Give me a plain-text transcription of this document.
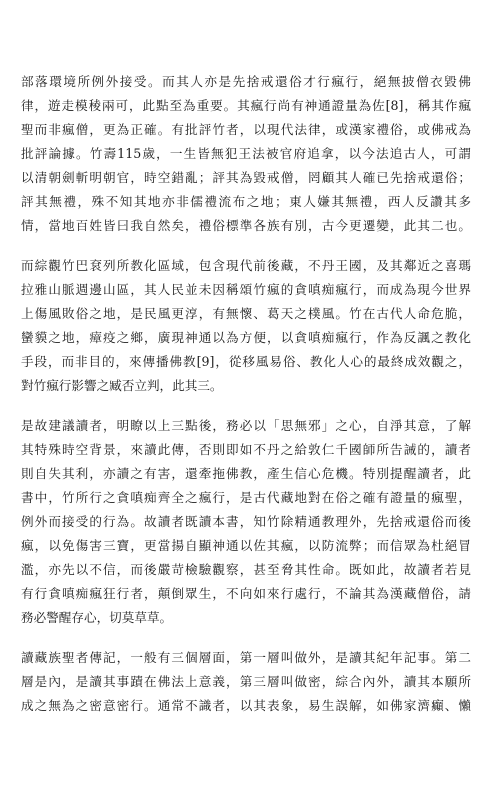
部落環境所例外接受。而其人亦是先捨戒還俗才行瘋行，絕無披僧衣毀佛
律，遊走模稜兩可，此點至為重要。其瘋行尚有神通證量為佐[8]，稱其作瘋
聖而非瘋僧，更為正確。有批評竹者，以現代法律，或漢家禮俗，或佛戒為
批評論據。竹壽115歲，一生皆無犯王法被官府追拿，以今法追古人，可謂
以清朝劍斬明朝官，時空錯亂；評其為毀戒僧，罔顧其人確已先捨戒還俗；
評其無禮，殊不知其地亦非儒禮流布之地；東人嫌其無禮，西人反讚其多
情，當地百姓皆曰我自然矣，禮俗標準各族有別，古今更遷變，此其二也。
而綜觀竹巴袞列所教化區域，包含現代前後藏，不丹王國，及其鄰近之喜瑪
拉雅山脈週邊山區，其人民並未因稱頌竹瘋的貪嗔痴瘋行，而成為現今世界
上傷風敗俗之地，是民風更淳，有無懷、葛天之樸風。竹在古代人命危脆，
蠻貘之地，瘴疫之鄉，廣現神通以為方便，以貪嗔痴瘋行，作為反諷之教化
手段，而非目的，來傳播佛教[9]，從移風易俗、教化人心的最終成效觀之，
對竹瘋行影響之臧否立判，此其三。
是故建議讀者，明瞭以上三點後，務必以「思無邪」之心，自淨其意，了解
其特殊時空背景，來讀此傳，否則即如不丹之給敦仁千國師所告誡的，讀者
則自失其利，亦讀之有害，還牽拖佛教，產生信心危機。特別提醒讀者，此
書中，竹所行之貪嗔痴齊全之瘋行，是古代藏地對在俗之確有證量的瘋聖，
例外而接受的行為。故讀者既讀本書，知竹除精通教理外，先捨戒還俗而後
瘋，以免傷害三寶，更當揚自顯神通以佐其瘋，以防流弊；而信眾為杜絕冒
濫，亦先以不信，而後嚴苛檢驗觀察，甚至脅其性命。既如此，故讀者若見
有行貪嗔痴瘋狂行者，顛倒眾生，不向如來行處行，不論其為漢藏僧俗，請
務必警醒存心，切莫草草。
讀藏族聖者傳記，一般有三個層面，第一層叫做外，是讀其紀年記事。第二
層是內，是讀其事蹟在佛法上意義，第三層叫做密，綜合內外，讀其本願所
成之無為之密意密行。通常不識者，以其表象，易生誤解，如佛家濟癲、懶
